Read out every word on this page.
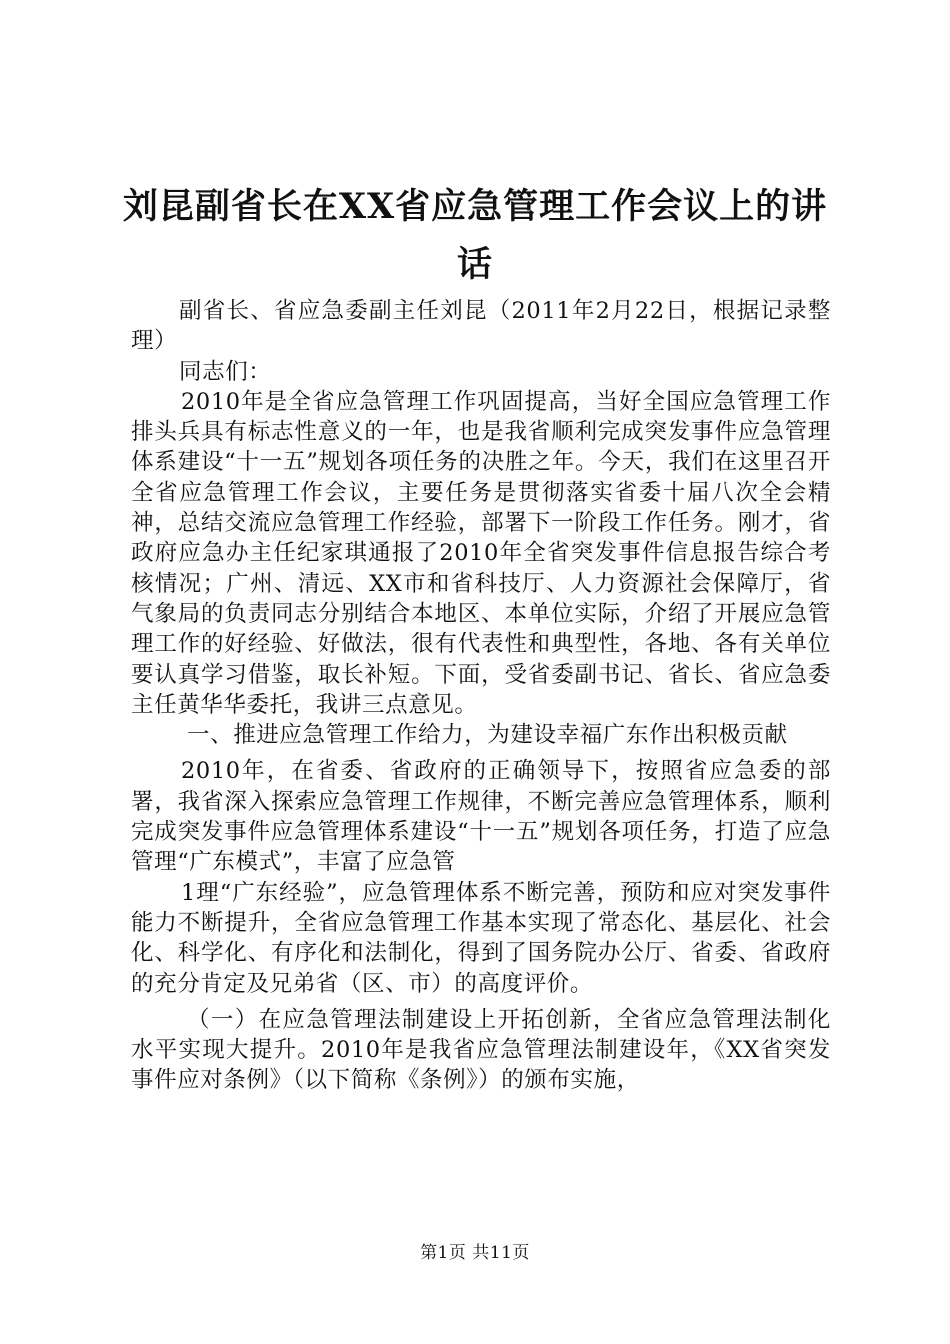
刘昆副省长在XX省应急管理工作会议上的讲话

副省长、省应急委副主任刘昆（2011年2月22日，根据记录整理）

同志们：

2010年是全省应急管理工作巩固提高，当好全国应急管理工作排头兵具有标志性意义的一年，也是我省顺利完成突发事件应急管理体系建设“十一五”规划各项任务的决胜之年。今天，我们在这里召开全省应急管理工作会议，主要任务是贯彻落实省委十届八次全会精神，总结交流应急管理工作经验，部署下一阶段工作任务。刚才，省政府应急办主任纪家琪通报了2010年全省突发事件信息报告综合考核情况；广州、清远、XX市和省科技厅、人力资源社会保障厅，省气象局的负责同志分别结合本地区、本单位实际，介绍了开展应急管理工作的好经验、好做法，很有代表性和典型性，各地、各有关单位要认真学习借鉴，取长补短。下面，受省委副书记、省长、省应急委主任黄华华委托，我讲三点意见。

一、推进应急管理工作给力，为建设幸福广东作出积极贡献

2010年，在省委、省政府的正确领导下，按照省应急委的部署，我省深入探索应急管理工作规律，不断完善应急管理体系，顺利完成突发事件应急管理体系建设“十一五”规划各项任务，打造了应急管理“广东模式”，丰富了应急管

1理“广东经验”，应急管理体系不断完善，预防和应对突发事件能力不断提升，全省应急管理工作基本实现了常态化、基层化、社会化、科学化、有序化和法制化，得到了国务院办公厅、省委、省政府的充分肯定及兄弟省（区、市）的高度评价。

（一）在应急管理法制建设上开拓创新，全省应急管理法制化水平实现大提升。2010年是我省应急管理法制建设年，《XX省突发事件应对条例》（以下简称《条例》）的颁布实施，

第1页 共11页
